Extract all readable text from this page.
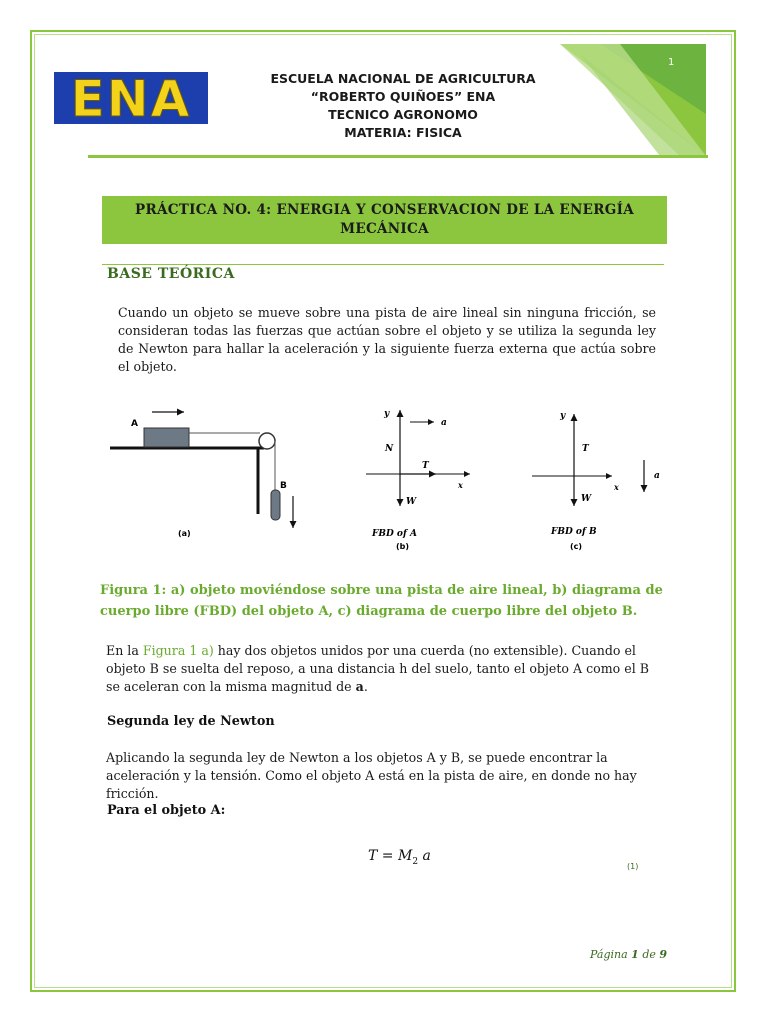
ENA	ESCUELA NACIONAL DE AGRICULTURA
“ROBERTO QUIÑOES” ENA
TECNICO AGRONOMO
MATERIA: FISICA
1
PRÁCTICA NO. 4: ENERGIA Y CONSERVACION DE LA ENERGÍA
MECÁNICA
BASE TEÓRICA
Cuando un objeto se mueve sobre una pista de aire lineal sin ninguna fricción, se consideran todas las fuerzas que actúan sobre el objeto y se utiliza la segunda ley de Newton para hallar la aceleración y la siguiente fuerza externa que actúa sobre el objeto.
A
B
(a)
y
a
N
T
x
W
FBD of A
(b)
y
T
a
x
W
FBD of B
(c)
Figura 1: a) objeto moviéndose sobre una pista de aire lineal, b) diagrama de cuerpo libre (FBD) del objeto A, c) diagrama de cuerpo libre del objeto B.
En la Figura 1 a) hay dos objetos unidos por una cuerda (no extensible). Cuando el objeto B se suelta del reposo, a una distancia h del suelo, tanto el objeto A como el B se aceleran con la misma magnitud de a.
Segunda ley de Newton
Aplicando la segunda ley de Newton a los objetos A y B, se puede encontrar la aceleración y la tensión. Como el objeto A está en la pista de aire, en donde no hay fricción.
Para el objeto A:
$T = M_2$ a
(1)
Página 1 de 9
